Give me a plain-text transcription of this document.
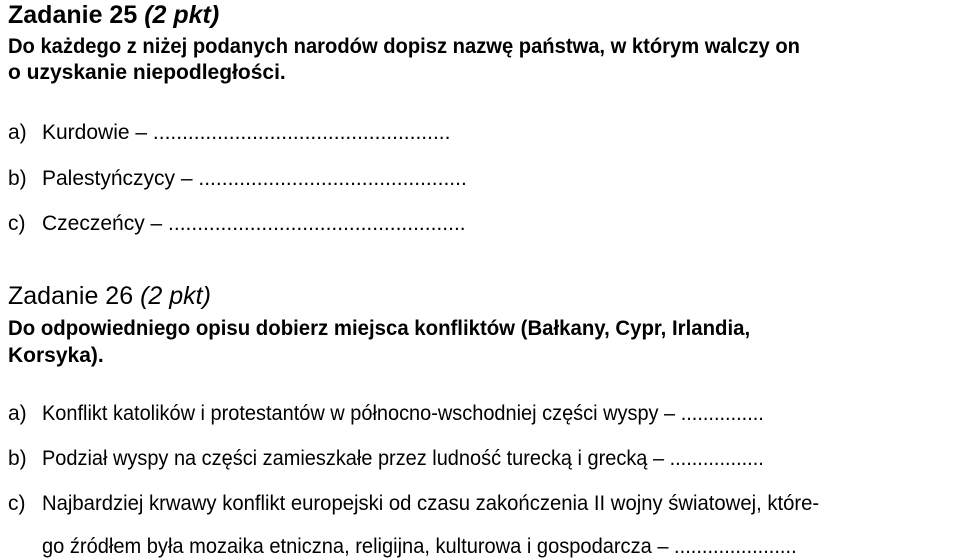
Zadanie 25 (2 pkt)
Do każdego z niżej podanych narodów dopisz nazwę państwa, w którym walczy on
o uzyskanie niepodległości.
a) Kurdowie – ...................................................
b) Palestyńczycy – ..............................................
c) Czeczeńcy – ...................................................
Zadanie 26 (2 pkt)
Do odpowiedniego opisu dobierz miejsca konfliktów (Bałkany, Cypr, Irlandia,
Korsyka).
a) Konflikt katolików i protestantów w północno-wschodniej części wyspy – ...............
b) Podział wyspy na części zamieszkałe przez ludność turecką i grecką – .................
c) Najbardziej krwawy konflikt europejski od czasu zakończenia II wojny światowej, które-
go źródłem była mozaika etniczna, religijna, kulturowa i gospodarcza – ......................
